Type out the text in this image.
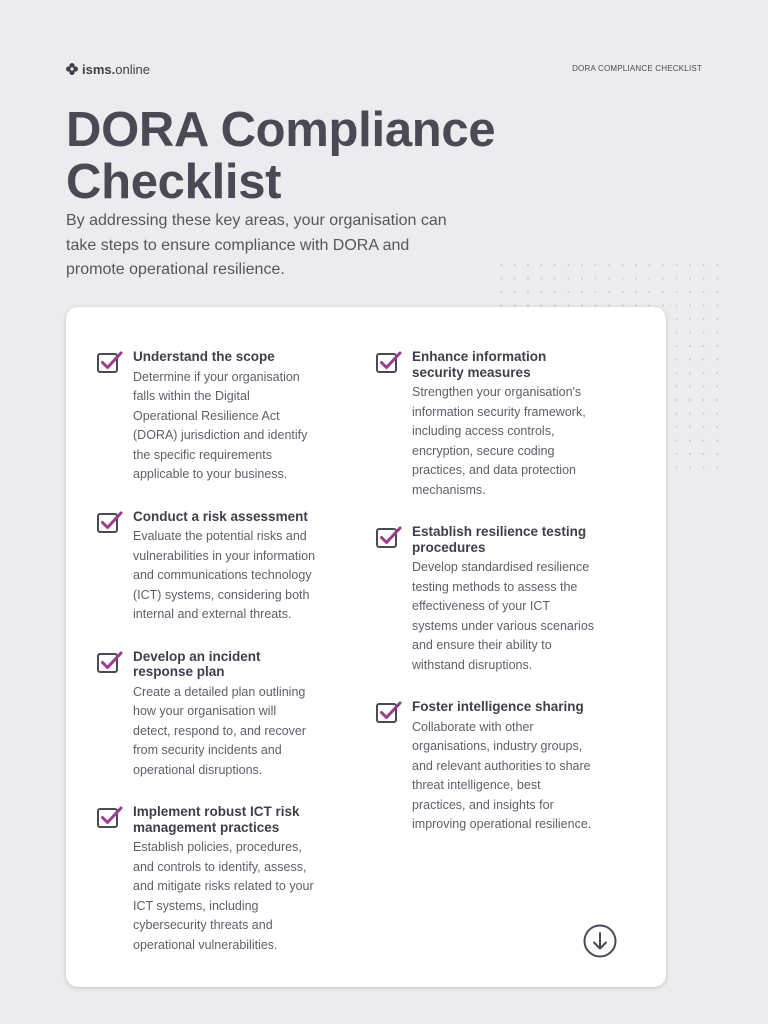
isms.online	DORA COMPLIANCE CHECKLIST
DORA Compliance Checklist

By addressing these key areas, your organisation can take steps to ensure compliance with DORA and promote operational resilience.

Understand the scope

Determine if your organisation falls within the Digital Operational Resilience Act (DORA) jurisdiction and identify the specific requirements applicable to your business.

Conduct a risk assessment

Evaluate the potential risks and vulnerabilities in your information and communications technology (ICT) systems, considering both internal and external threats.

Develop an incident response plan

Create a detailed plan outlining how your organisation will detect, respond to, and recover from security incidents and operational disruptions.

Implement robust ICT risk management practices

Establish policies, procedures, and controls to identify, assess, and mitigate risks related to your ICT systems, including cybersecurity threats and operational vulnerabilities.

Enhance information security measures

Strengthen your organisation's information security framework, including access controls, encryption, secure coding practices, and data protection mechanisms.

Establish resilience testing procedures

Develop standardised resilience testing methods to assess the effectiveness of your ICT systems under various scenarios and ensure their ability to withstand disruptions.

Foster intelligence sharing

Collaborate with other organisations, industry groups, and relevant authorities to share threat intelligence, best practices, and insights for improving operational resilience.
